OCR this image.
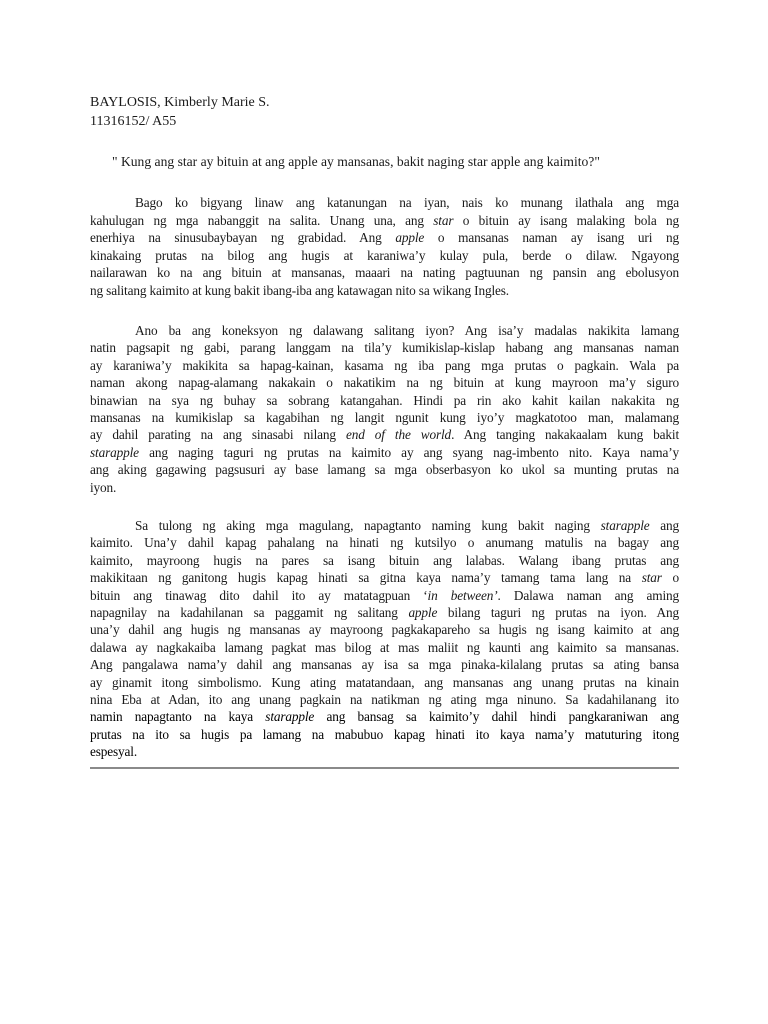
BAYLOSIS, Kimberly Marie S.
11316152/ A55
" Kung ang star ay bituin at ang apple ay mansanas, bakit naging star apple ang kaimito?"
Bago ko bigyang linaw ang katanungan na iyan, nais ko munang ilathala ang mga
kahulugan ng mga nabanggit na salita. Unang una, ang star o bituin ay isang malaking bola ng
enerhiya na sinusubaybayan ng grabidad. Ang apple o mansanas naman ay isang uri ng
kinakaing prutas na bilog ang hugis at karaniwa’y kulay pula, berde o dilaw. Ngayong
nailarawan ko na ang bituin at mansanas, maaari na nating pagtuunan ng pansin ang ebolusyon
ng salitang kaimito at kung bakit ibang-iba ang katawagan nito sa wikang Ingles.
Ano ba ang koneksyon ng dalawang salitang iyon? Ang isa’y madalas nakikita lamang
natin pagsapit ng gabi, parang langgam na tila’y kumikislap-kislap habang ang mansanas naman
ay karaniwa’y makikita sa hapag-kainan, kasama ng iba pang mga prutas o pagkain. Wala pa
naman akong napag-alamang nakakain o nakatikim na ng bituin at kung mayroon ma’y siguro
binawian na sya ng buhay sa sobrang katangahan. Hindi pa rin ako kahit kailan nakakita ng
mansanas na kumikislap sa kagabihan ng langit ngunit kung iyo’y magkatotoo man, malamang
ay dahil parating na ang sinasabi nilang end of the world. Ang tanging nakakaalam kung bakit
starapple ang naging taguri ng prutas na kaimito ay ang syang nag-imbento nito. Kaya nama’y
ang aking gagawing pagsusuri ay base lamang sa mga obserbasyon ko ukol sa munting prutas na
iyon.
Sa tulong ng aking mga magulang, napagtanto naming kung bakit naging starapple ang
kaimito. Una’y dahil kapag pahalang na hinati ng kutsilyo o anumang matulis na bagay ang
kaimito, mayroong hugis na pares sa isang bituin ang lalabas. Walang ibang prutas ang
makikitaan ng ganitong hugis kapag hinati sa gitna kaya nama’y tamang tama lang na star o
bituin ang tinawag dito dahil ito ay matatagpuan ‘in between’. Dalawa naman ang aming
napagnilay na kadahilanan sa paggamit ng salitang apple bilang taguri ng prutas na iyon. Ang
una’y dahil ang hugis ng mansanas ay mayroong pagkakapareho sa hugis ng isang kaimito at ang
dalawa ay nagkakaiba lamang pagkat mas bilog at mas maliit ng kaunti ang kaimito sa mansanas.
Ang pangalawa nama’y dahil ang mansanas ay isa sa mga pinaka-kilalang prutas sa ating bansa
ay ginamit itong simbolismo. Kung ating matatandaan, ang mansanas ang unang prutas na kinain
nina Eba at Adan, ito ang unang pagkain na natikman ng ating mga ninuno. Sa kadahilanang ito
namin napagtanto na kaya starapple ang bansag sa kaimito’y dahil hindi pangkaraniwan ang
prutas na ito sa hugis pa lamang na mabubuo kapag hinati ito kaya nama’y matuturing itong
espesyal.
